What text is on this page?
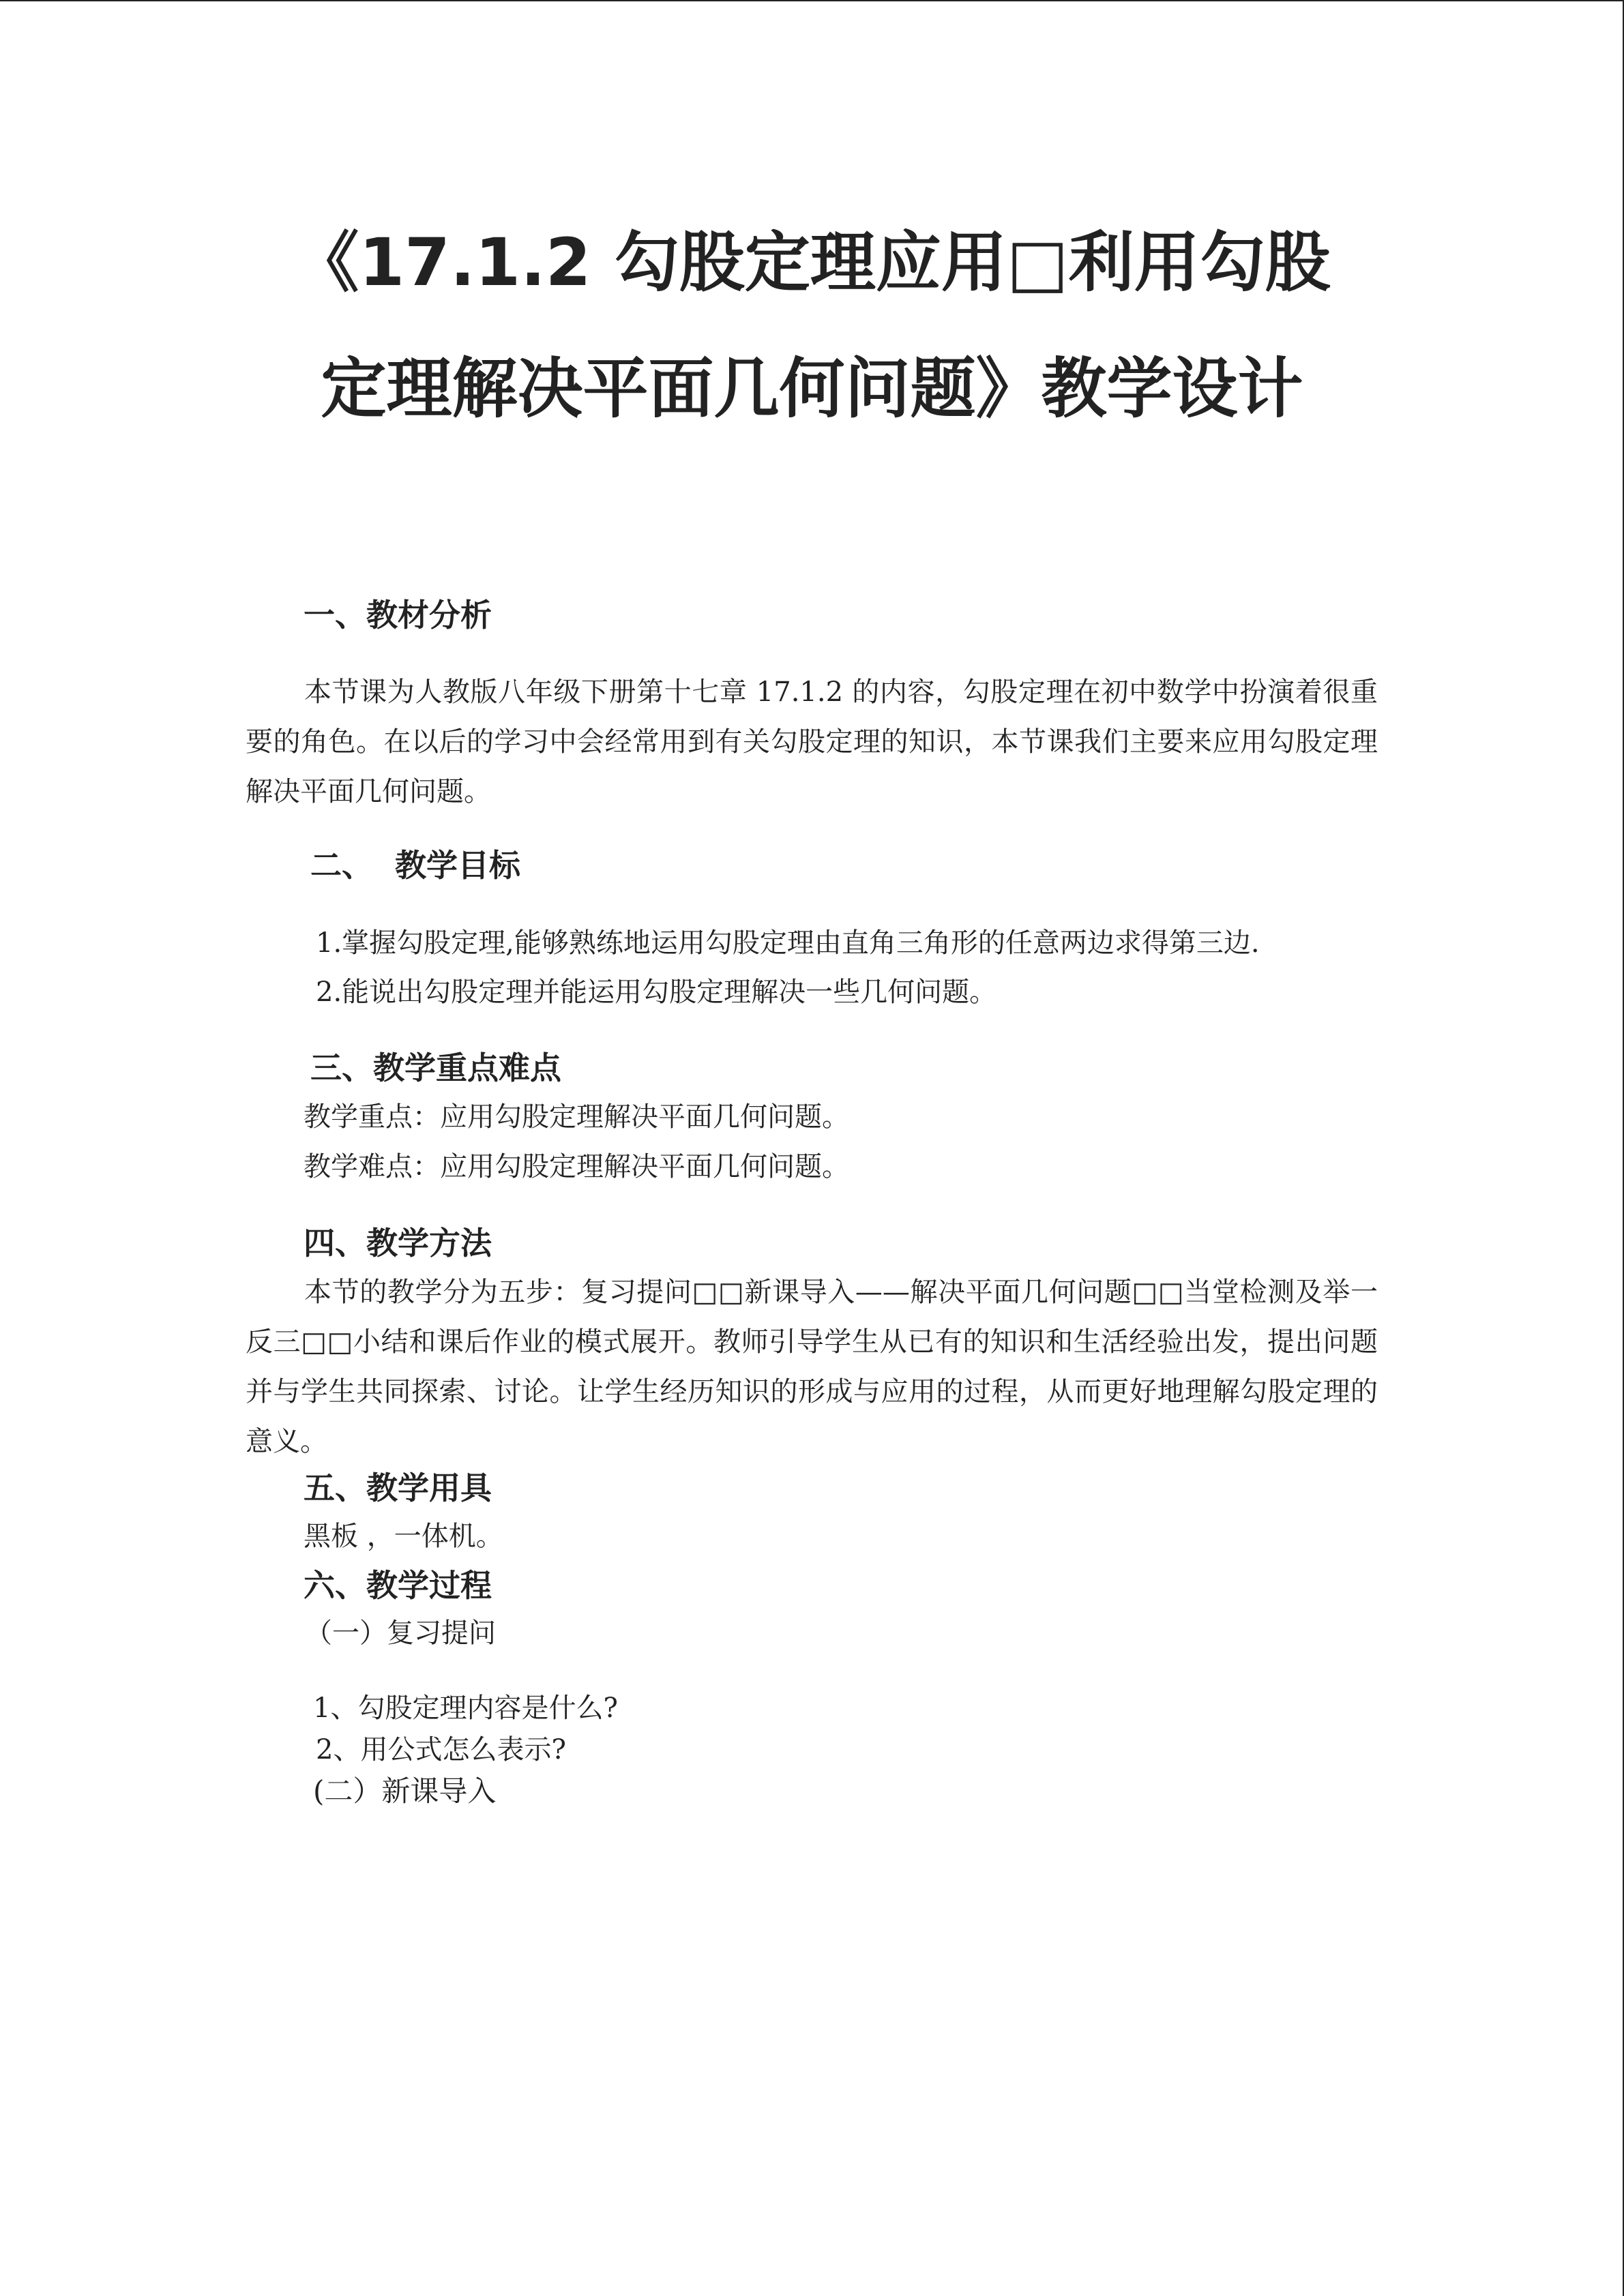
《17.1.2 勾股定理应用□利用勾股
定理解决平面几何问题》教学设计
一、教材分析
本节课为人教版八年级下册第十七章 17.1.2 的内容，勾股定理在初中数学中扮演着很重要的角色。在以后的学习中会经常用到有关勾股定理的知识，本节课我们主要来应用勾股定理解决平面几何问题。
二、  教学目标
1.掌握勾股定理,能够熟练地运用勾股定理由直角三角形的任意两边求得第三边.
2.能说出勾股定理并能运用勾股定理解决一些几何问题。
三、教学重点难点
教学重点：应用勾股定理解决平面几何问题。
教学难点：应用勾股定理解决平面几何问题。
四、教学方法
本节的教学分为五步：复习提问□□新课导入——解决平面几何问题□□当堂检测及举一反三□□小结和课后作业的模式展开。教师引导学生从已有的知识和生活经验出发，提出问题并与学生共同探索、讨论。让学生经历知识的形成与应用的过程，从而更好地理解勾股定理的意义。
五、教学用具
黑板 ，一体机。
六、教学过程
（一）复习提问
1、勾股定理内容是什么?
2、用公式怎么表示?
(二）新课导入
